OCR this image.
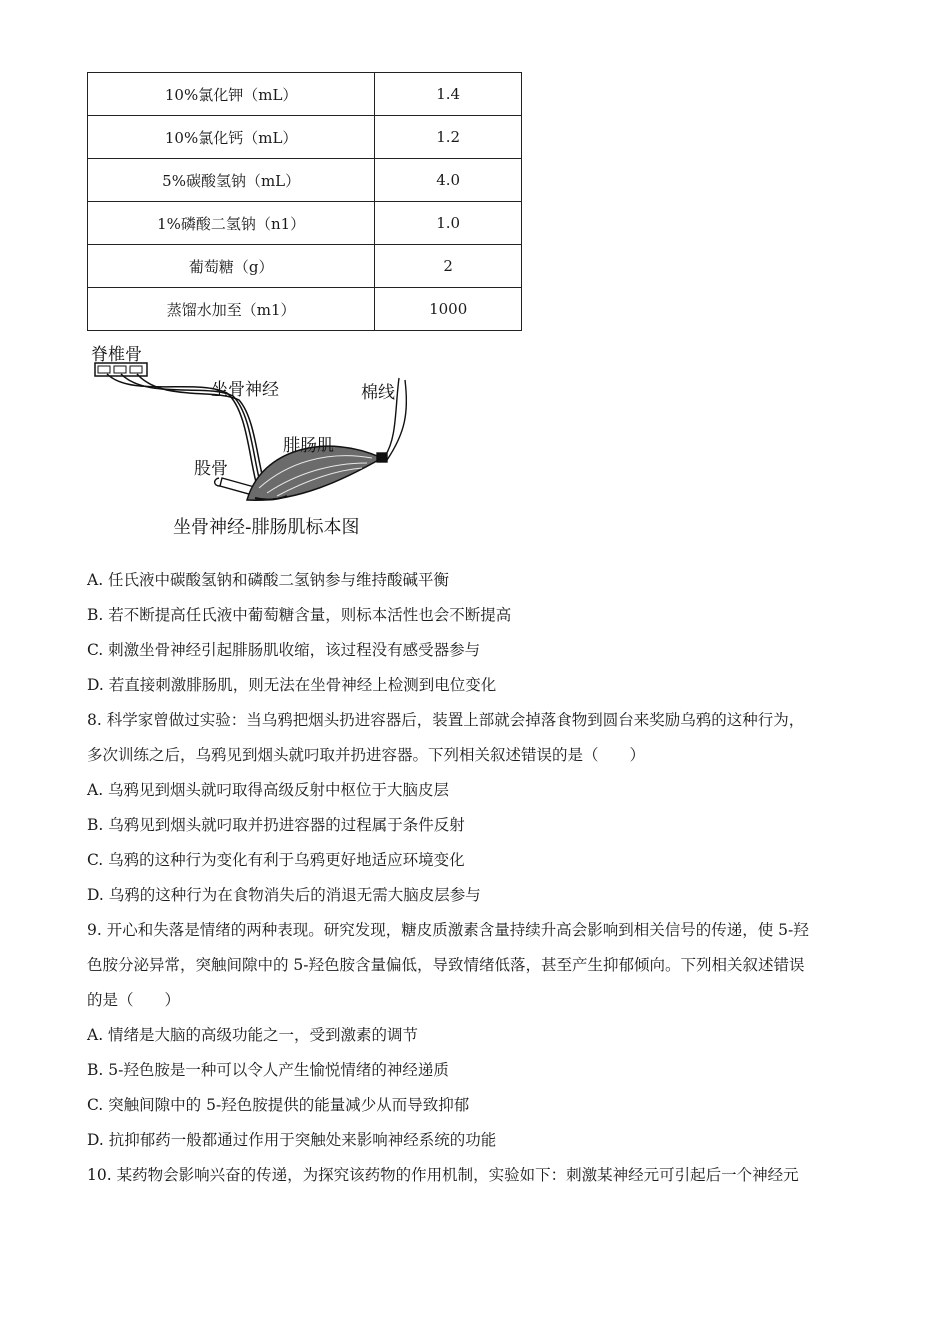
10%氯化钾（mL）	1.4
10%氯化钙（mL）	1.2
5%碳酸氢钠（mL）	4.0
1%磷酸二氢钠（n1）	1.0
葡萄糖（g）	2
蒸馏水加至（m1）	1000
脊椎骨
坐骨神经	棉线
腓肠肌
股骨
坐骨神经-腓肠肌标本图
A. 任氏液中碳酸氢钠和磷酸二氢钠参与维持酸碱平衡
B. 若不断提高任氏液中葡萄糖含量，则标本活性也会不断提高
C. 刺激坐骨神经引起腓肠肌收缩，该过程没有感受器参与
D. 若直接刺激腓肠肌，则无法在坐骨神经上检测到电位变化
8. 科学家曾做过实验：当乌鸦把烟头扔进容器后，装置上部就会掉落食物到圆台来奖励乌鸦的这种行为，
多次训练之后，乌鸦见到烟头就叼取并扔进容器。下列相关叙述错误的是（　　）
A. 乌鸦见到烟头就叼取得高级反射中枢位于大脑皮层
B. 乌鸦见到烟头就叼取并扔进容器的过程属于条件反射
C. 乌鸦的这种行为变化有利于乌鸦更好地适应环境变化
D. 乌鸦的这种行为在食物消失后的消退无需大脑皮层参与
9. 开心和失落是情绪的两种表现。研究发现，糖皮质激素含量持续升高会影响到相关信号的传递，使 5-羟
色胺分泌异常，突触间隙中的 5-羟色胺含量偏低，导致情绪低落，甚至产生抑郁倾向。下列相关叙述错误
的是（　　）
A. 情绪是大脑的高级功能之一，受到激素的调节
B. 5-羟色胺是一种可以令人产生愉悦情绪的神经递质
C. 突触间隙中的 5-羟色胺提供的能量减少从而导致抑郁
D. 抗抑郁药一般都通过作用于突触处来影响神经系统的功能
10. 某药物会影响兴奋的传递，为探究该药物的作用机制，实验如下：刺激某神经元可引起后一个神经元
